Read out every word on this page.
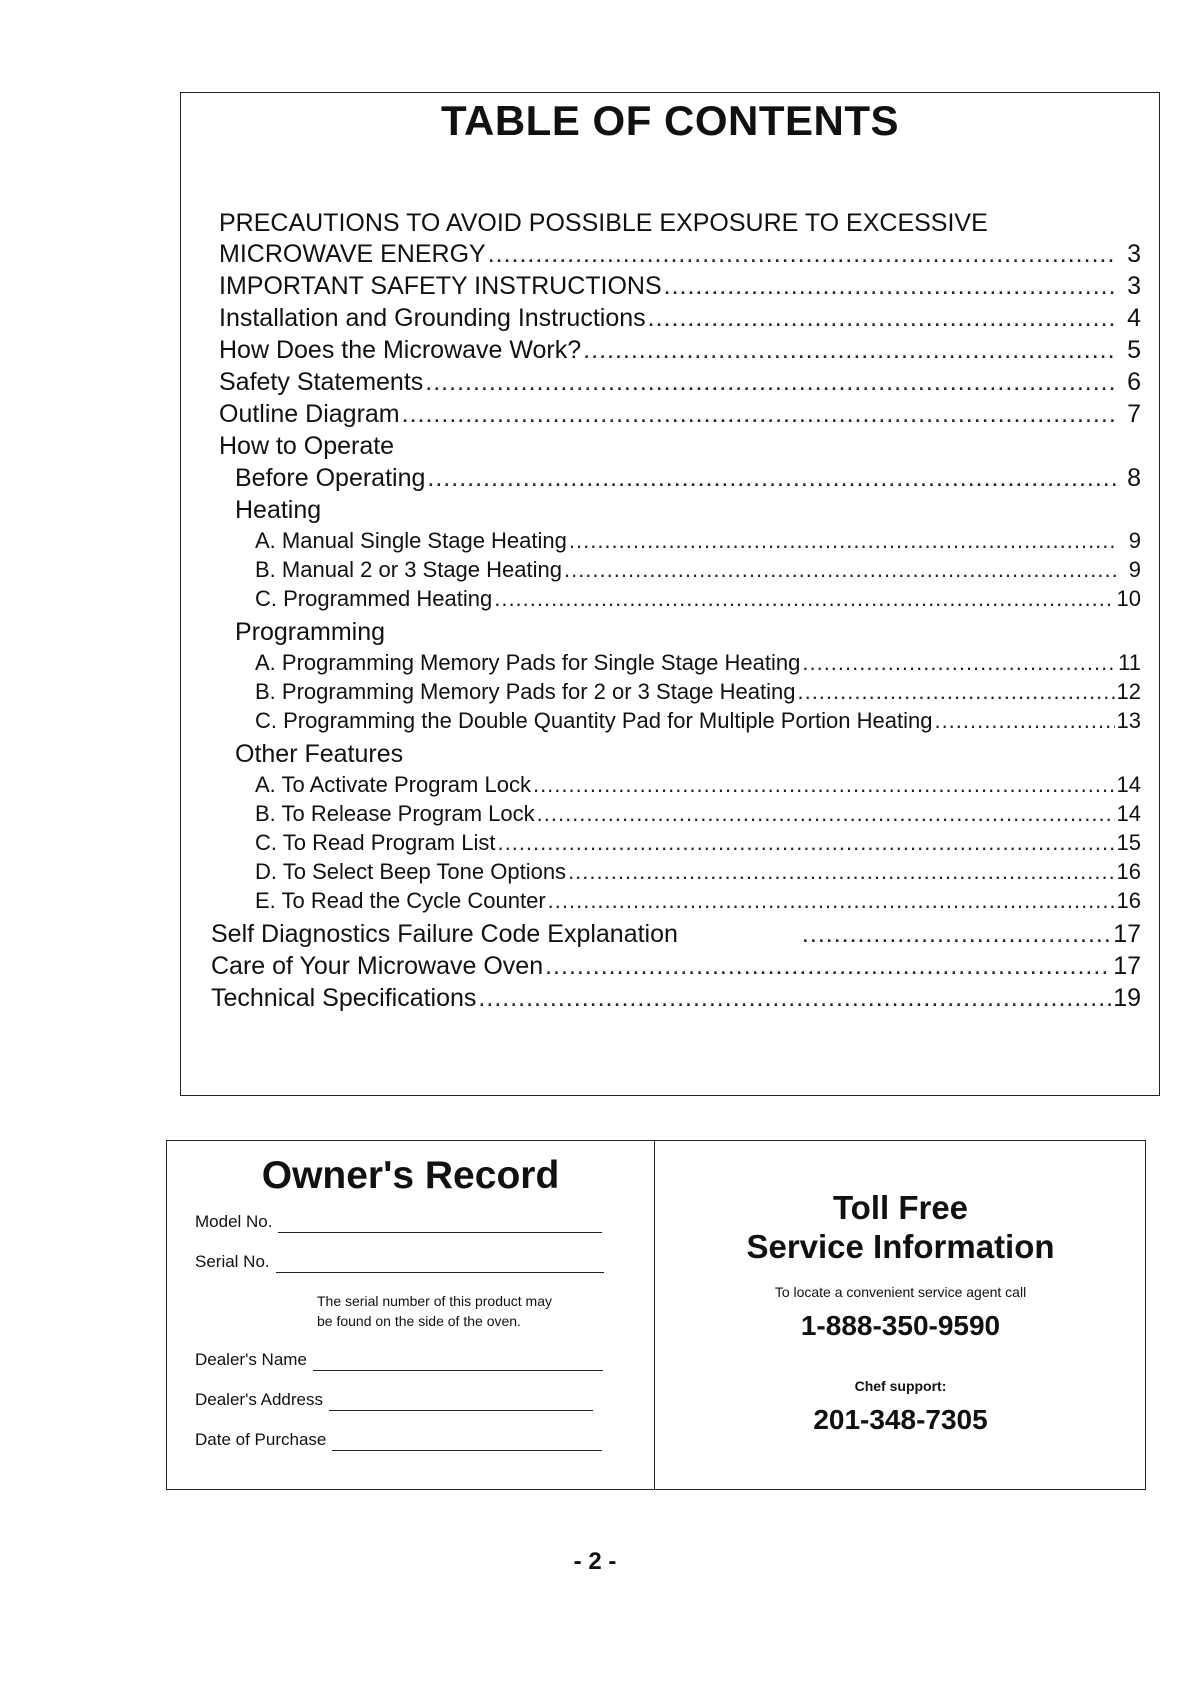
TABLE OF CONTENTS
PRECAUTIONS TO AVOID POSSIBLE EXPOSURE TO EXCESSIVE
MICROWAVE ENERGY .....	3
IMPORTANT SAFETY INSTRUCTIONS .....	3
Installation and Grounding Instructions .....	4
How Does the Microwave Work? .....	5
Safety Statements .....	6
Outline Diagram .....	7
How to Operate
Before Operating .....	8
Heating
A. Manual Single Stage Heating .....	9
B. Manual 2 or 3 Stage Heating .....	9
C. Programmed Heating .....	10
Programming
A. Programming Memory Pads for Single Stage Heating .....	11
B. Programming Memory Pads for 2 or 3 Stage Heating .....	12
C. Programming the Double Quantity Pad for Multiple Portion Heating .....	13
Other Features
A. To Activate Program Lock .....	14
B. To Release Program Lock .....	14
C. To Read Program List .....	15
D. To Select Beep Tone Options .....	16
E. To Read the Cycle Counter .....	16
Self Diagnostics Failure Code Explanation .....	17
Care of Your Microwave Oven .....	17
Technical Specifications .....	19
Owner's Record
Model No.
Serial No.
The serial number of this product may
be found on the side of the oven.
Dealer's Name
Dealer's Address
Date of Purchase
Toll Free
Service Information
To locate a convenient service agent call
1-888-350-9590
Chef support:
201-348-7305
- 2 -
